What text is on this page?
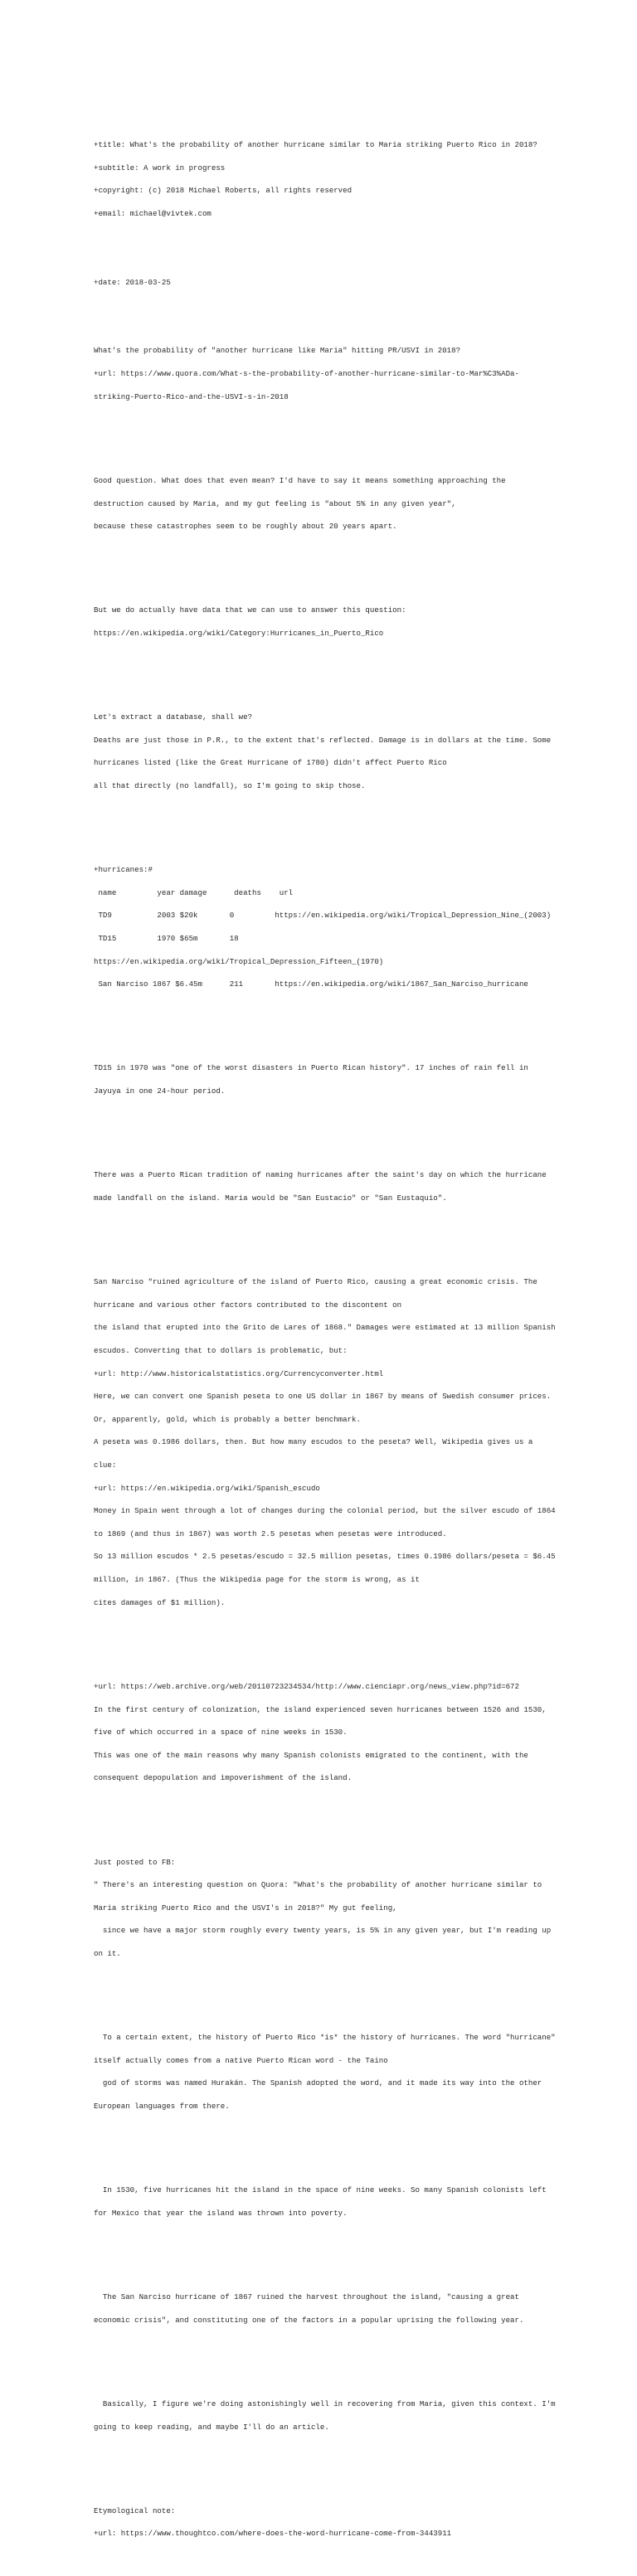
+title: What's the probability of another hurricane similar to Maria striking Puerto Rico in 2018?

+subtitle: A work in progress

+copyright: (c) 2018 Michael Roberts, all rights reserved

+email: michael@vivtek.com

+date: 2018-03-25

What's the probability of "another hurricane like Maria" hitting PR/USVI in 2018?

+url: https://www.quora.com/What-s-the-probability-of-another-hurricane-similar-to-Mar%C3%ADa-

striking-Puerto-Rico-and-the-USVI-s-in-2018

Good question. What does that even mean? I'd have to say it means something approaching the

destruction caused by Maria, and my gut feeling is "about 5% in any given year",

because these catastrophes seem to be roughly about 20 years apart.

But we do actually have data that we can use to answer this question:

https://en.wikipedia.org/wiki/Category:Hurricanes_in_Puerto_Rico

Let's extract a database, shall we?

Deaths are just those in P.R., to the extent that's reflected. Damage is in dollars at the time. Some

hurricanes listed (like the Great Hurricane of 1780) didn't affect Puerto Rico

all that directly (no landfall), so I'm going to skip those.

+hurricanes:#

name         year damage      deaths    url

TD9          2003 $20k       0         https://en.wikipedia.org/wiki/Tropical_Depression_Nine_(2003)

TD15         1970 $65m       18

https://en.wikipedia.org/wiki/Tropical_Depression_Fifteen_(1970)

San Narciso 1867 $6.45m      211       https://en.wikipedia.org/wiki/1867_San_Narciso_hurricane

TD15 in 1970 was "one of the worst disasters in Puerto Rican history". 17 inches of rain fell in

Jayuya in one 24-hour period.

There was a Puerto Rican tradition of naming hurricanes after the saint's day on which the hurricane

made landfall on the island. Maria would be "San Eustacio" or "San Eustaquio".

San Narciso "ruined agriculture of the island of Puerto Rico, causing a great economic crisis. The

hurricane and various other factors contributed to the discontent on

the island that erupted into the Grito de Lares of 1868." Damages were estimated at 13 million Spanish

escudos. Converting that to dollars is problematic, but:

+url: http://www.historicalstatistics.org/Currencyconverter.html

Here, we can convert one Spanish peseta to one US dollar in 1867 by means of Swedish consumer prices.

Or, apparently, gold, which is probably a better benchmark.

A peseta was 0.1986 dollars, then. But how many escudos to the peseta? Well, Wikipedia gives us a

clue:

+url: https://en.wikipedia.org/wiki/Spanish_escudo

Money in Spain went through a lot of changes during the colonial period, but the silver escudo of 1864

to 1869 (and thus in 1867) was worth 2.5 pesetas when pesetas were introduced.

So 13 million escudos * 2.5 pesetas/escudo = 32.5 million pesetas, times 0.1986 dollars/peseta = $6.45

million, in 1867. (Thus the Wikipedia page for the storm is wrong, as it

cites damages of $1 million).

+url: https://web.archive.org/web/20110723234534/http://www.cienciapr.org/news_view.php?id=672

In the first century of colonization, the island experienced seven hurricanes between 1526 and 1530,

five of which occurred in a space of nine weeks in 1530.

This was one of the main reasons why many Spanish colonists emigrated to the continent, with the

consequent depopulation and impoverishment of the island.

Just posted to FB:

" There's an interesting question on Quora: "What's the probability of another hurricane similar to

Maria striking Puerto Rico and the USVI's in 2018?" My gut feeling,

since we have a major storm roughly every twenty years, is 5% in any given year, but I'm reading up

on it.

To a certain extent, the history of Puerto Rico *is* the history of hurricanes. The word "hurricane"

itself actually comes from a native Puerto Rican word - the Taino

god of storms was named Hurakán. The Spanish adopted the word, and it made its way into the other

European languages from there.

In 1530, five hurricanes hit the island in the space of nine weeks. So many Spanish colonists left

for Mexico that year the island was thrown into poverty.

The San Narciso hurricane of 1867 ruined the harvest throughout the island, "causing a great

economic crisis", and constituting one of the factors in a popular uprising the following year.

Basically, I figure we're doing astonishingly well in recovering from Maria, given this context. I'm

going to keep reading, and maybe I'll do an article.

Etymological note:

+url: https://www.thoughtco.com/where-does-the-word-hurricane-come-from-3443911
